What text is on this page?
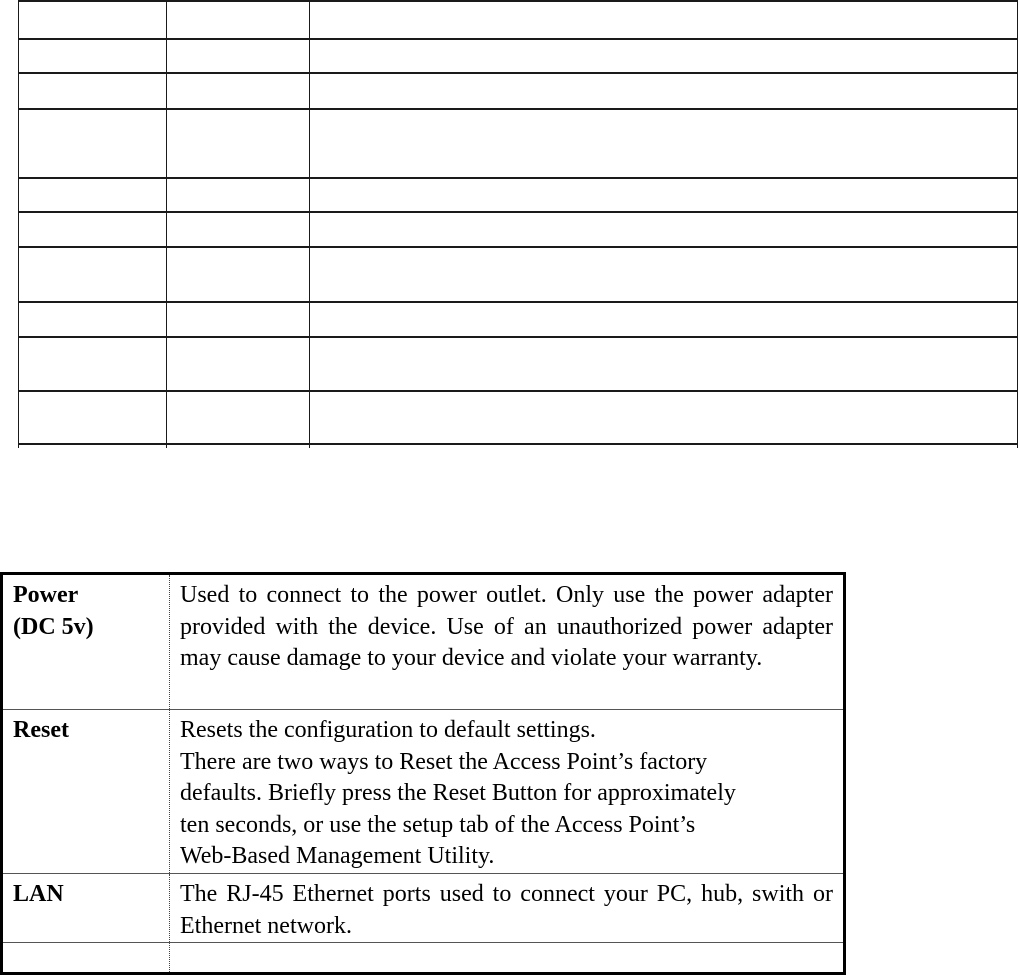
Power
(DC 5v)	Used to connect to the power outlet. Only use the power adapter provided with the device. Use of an unauthorized power adapter may cause damage to your device and violate your warranty.
Reset	Resets the configuration to default settings.
There are two ways to Reset the Access Point’s factory
defaults. Briefly press the Reset Button for approximately
ten seconds, or use the setup tab of the Access Point’s
Web-Based Management Utility.

LAN	The RJ-45 Ethernet ports used to connect your PC, hub, swith or Ethernet network.
